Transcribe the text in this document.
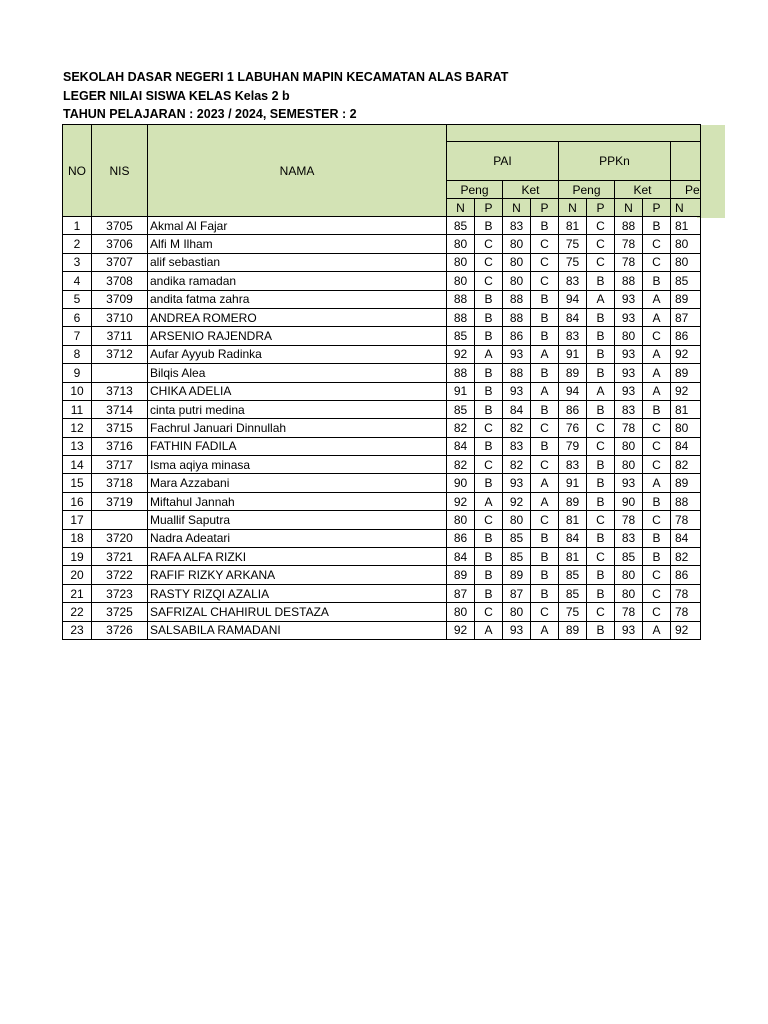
SEKOLAH DASAR NEGERI 1 LABUHAN MAPIN KECAMATAN ALAS BARAT
LEGER NILAI SISWA KELAS Kelas 2 b
TAHUN PELAJARAN : 2023 / 2024, SEMESTER : 2
NO	NIS	NAMA									
			PAI				PPKn				
			Peng		Ket		Peng		Ket		Pe
			N	P	N	P	N	P	N	P	N
1	3705	Akmal Al Fajar	85	B	83	B	81	C	88	B	81
2	3706	Alfi M Ilham	80	C	80	C	75	C	78	C	80
3	3707	alif sebastian	80	C	80	C	75	C	78	C	80
4	3708	andika ramadan	80	C	80	C	83	B	88	B	85
5	3709	andita fatma zahra	88	B	88	B	94	A	93	A	89
6	3710	ANDREA ROMERO	88	B	88	B	84	B	93	A	87
7	3711	ARSENIO RAJENDRA	85	B	86	B	83	B	80	C	86
8	3712	Aufar Ayyub Radinka	92	A	93	A	91	B	93	A	92
9		Bilqis Alea	88	B	88	B	89	B	93	A	89
10	3713	CHIKA ADELIA	91	B	93	A	94	A	93	A	92
11	3714	cinta putri medina	85	B	84	B	86	B	83	B	81
12	3715	Fachrul Januari Dinnullah	82	C	82	C	76	C	78	C	80
13	3716	FATHIN FADILA	84	B	83	B	79	C	80	C	84
14	3717	Isma aqiya minasa	82	C	82	C	83	B	80	C	82
15	3718	Mara Azzabani	90	B	93	A	91	B	93	A	89
16	3719	Miftahul Jannah	92	A	92	A	89	B	90	B	88
17		Muallif Saputra	80	C	80	C	81	C	78	C	78
18	3720	Nadra Adeatari	86	B	85	B	84	B	83	B	84
19	3721	RAFA ALFA RIZKI	84	B	85	B	81	C	85	B	82
20	3722	RAFIF RIZKY ARKANA	89	B	89	B	85	B	80	C	86
21	3723	RASTY RIZQI AZALIA	87	B	87	B	85	B	80	C	78
22	3725	SAFRIZAL CHAHIRUL DESTAZA	80	C	80	C	75	C	78	C	78
23	3726	SALSABILA RAMADANI	92	A	93	A	89	B	93	A	92
